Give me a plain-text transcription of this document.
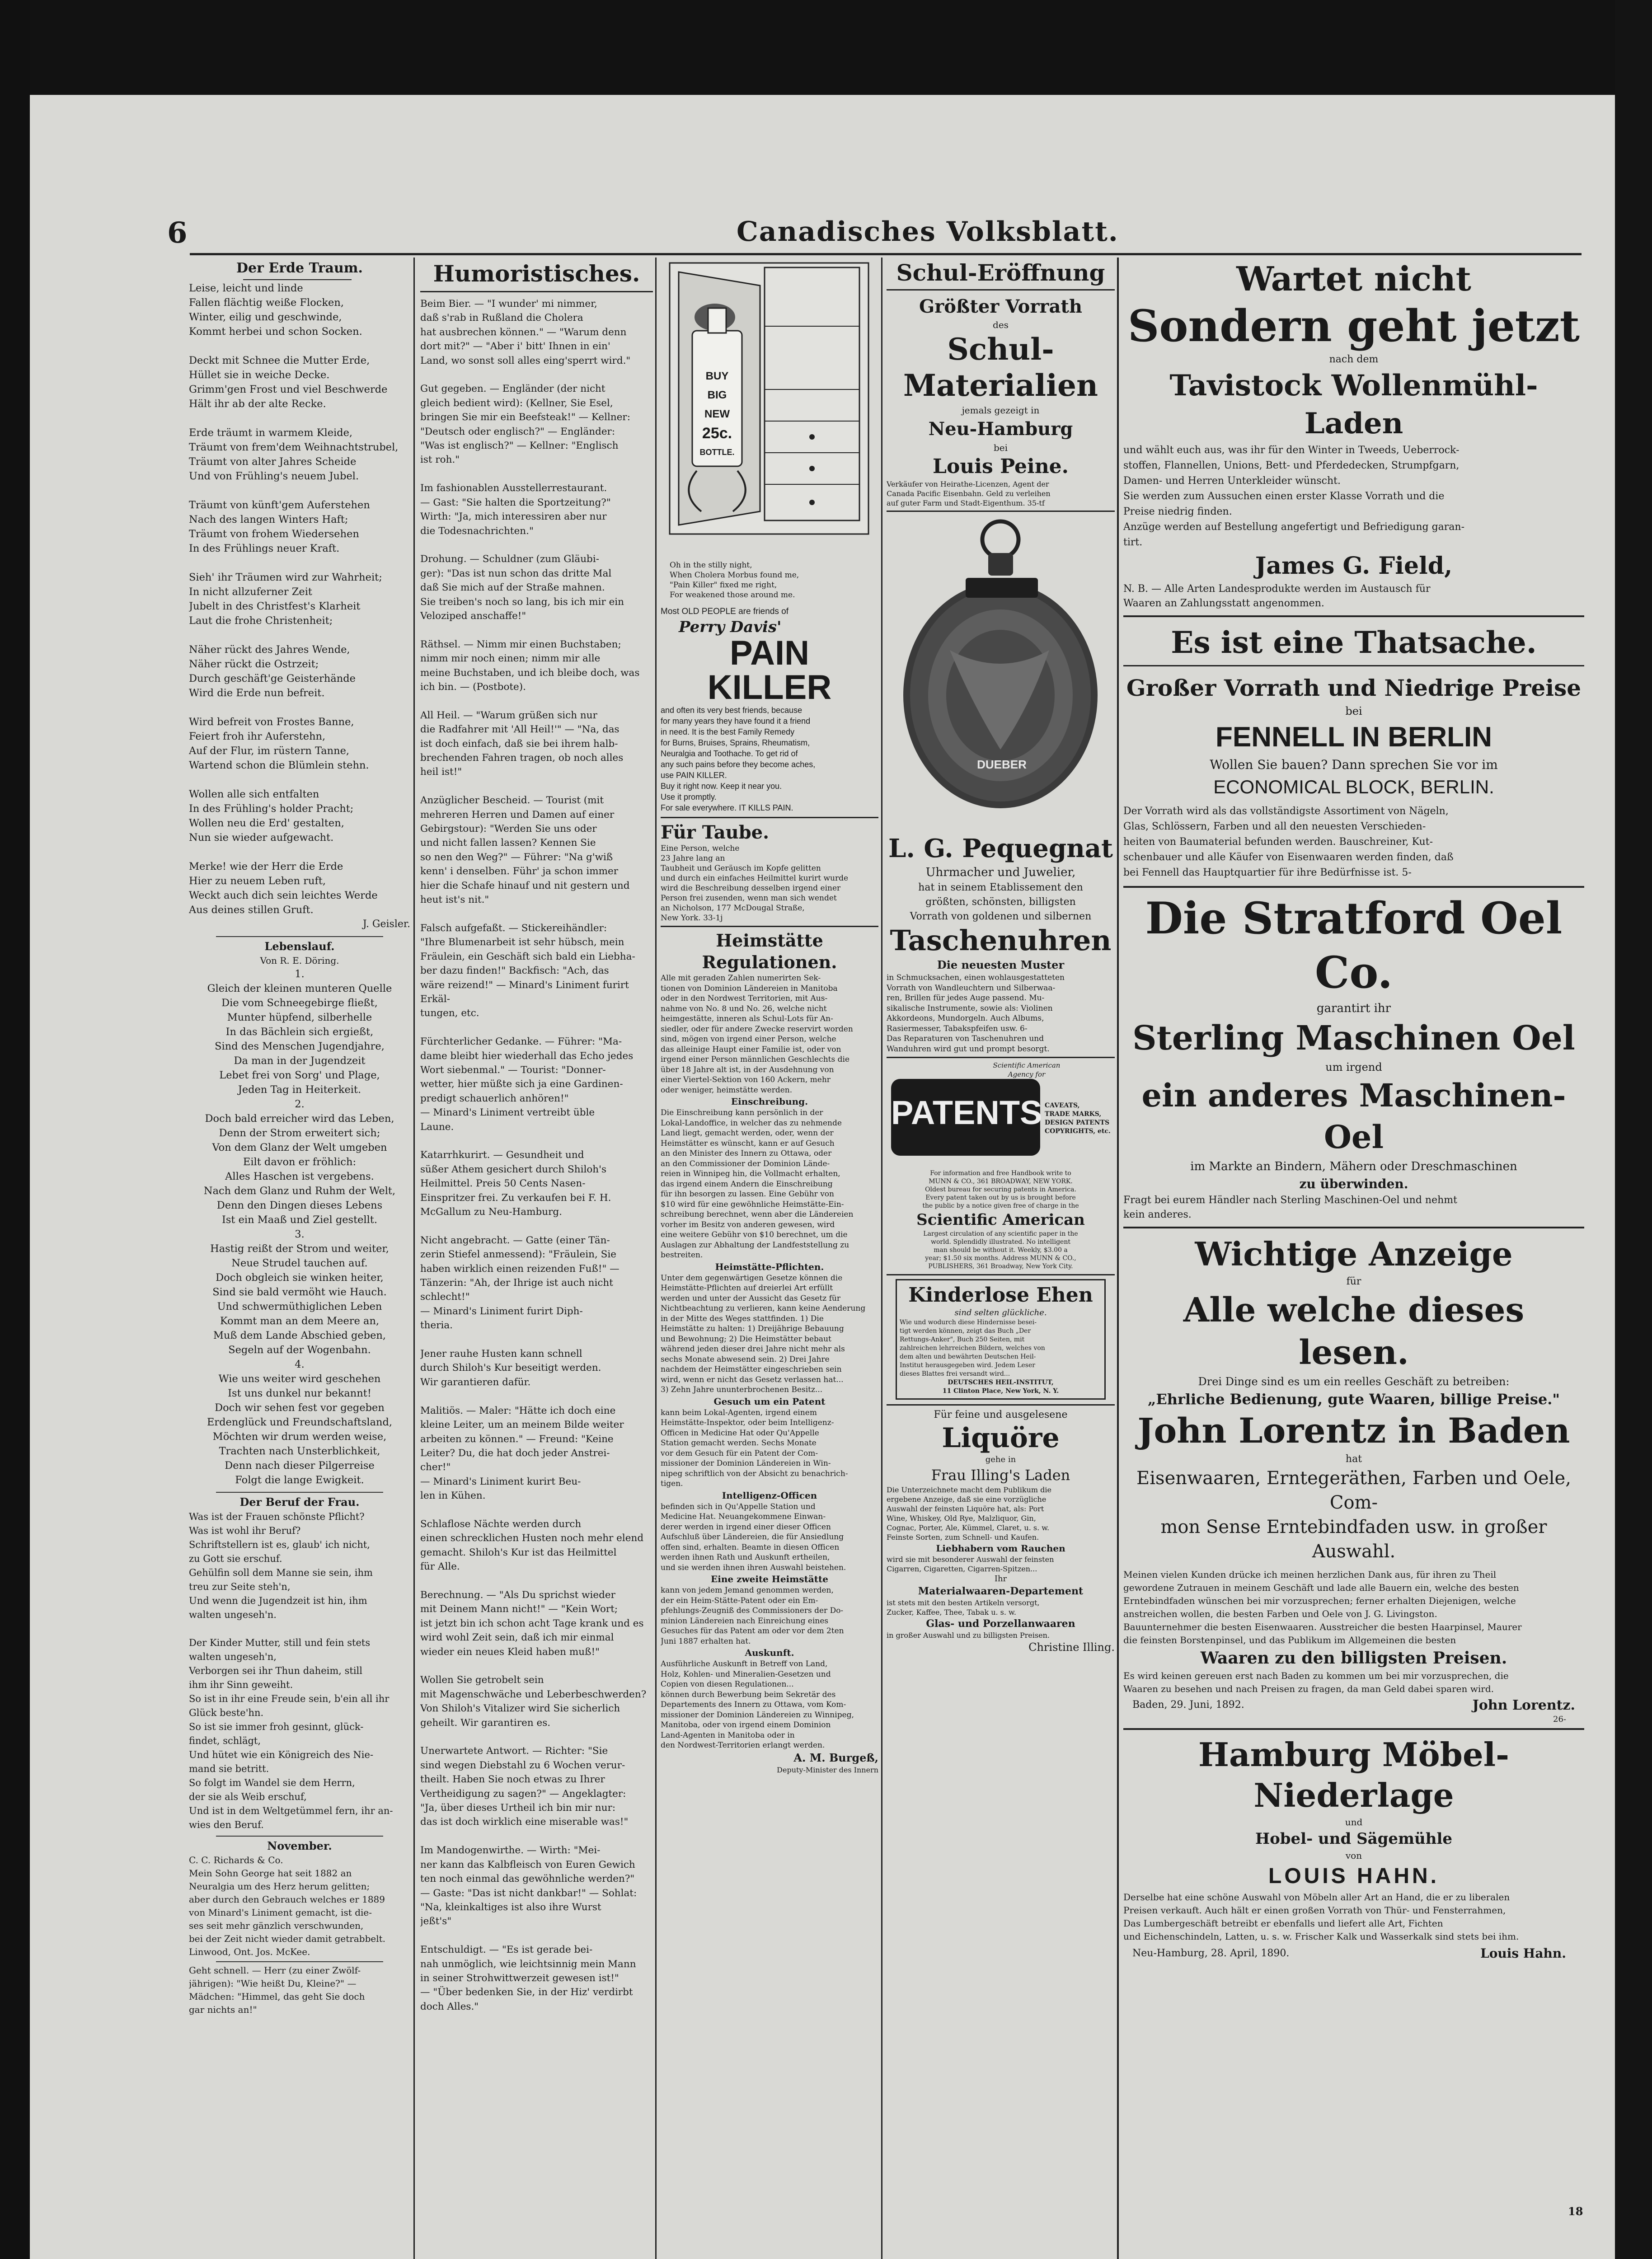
6	Canadisches Volksblatt.
Der Erde Traum.
Leise, leicht und linde
Fallen flächtig weiße Flocken,
Winter, eilig und geschwinde,
Kommt herbei und schon Socken.

Deckt mit Schnee die Mutter Erde,
Hüllet sie in weiche Decke.
Grimm'gen Frost und viel Beschwerde
Hält ihr ab der alte Recke.

Erde träumt in warmem Kleide,
Träumt von frem'dem Weihnachtstrubel,
Träumt von alter Jahres Scheide
Und von Frühling's neuem Jubel.

Träumt von künft'gem Auferstehen
Nach des langen Winters Haft;
Träumt von frohem Wiedersehen
In des Frühlings neuer Kraft.

Sieh' ihr Träumen wird zur Wahrheit;
In nicht allzuferner Zeit
Jubelt in des Christfest's Klarheit
Laut die frohe Christenheit;

Näher rückt des Jahres Wende,
Näher rückt die Ostrzeit;
Durch geschäft'ge Geisterhände
Wird die Erde nun befreit.

Wird befreit von Frostes Banne,
Feiert froh ihr Auferstehn,
Auf der Flur, im rüstern Tanne,
Wartend schon die Blümlein stehn.

Wollen alle sich entfalten
In des Frühling's holder Pracht;
Wollen neu die Erd' gestalten,
Nun sie wieder aufgewacht.

Merke! wie der Herr die Erde
Hier zu neuem Leben ruft,
Weckt auch dich sein leichtes Werde
Aus deines stillen Gruft.
J. Geisler.
Lebenslauf.
Von R. E. Döring.
1.
Gleich der kleinen munteren Quelle
Die vom Schneegebirge fließt,
Munter hüpfend, silberhelle
In das Bächlein sich ergießt,
Sind des Menschen Jugendjahre,
Da man in der Jugendzeit
Lebet frei von Sorg' und Plage,
Jeden Tag in Heiterkeit.
2.
Doch bald erreicher wird das Leben,
Denn der Strom erweitert sich;
Von dem Glanz der Welt umgeben
Eilt davon er fröhlich:
Alles Haschen ist vergebens.
Nach dem Glanz und Ruhm der Welt,
Denn den Dingen dieses Lebens
Ist ein Maaß und Ziel gestellt.
3.
Hastig reißt der Strom und weiter,
Neue Strudel tauchen auf.
Doch obgleich sie winken heiter,
Sind sie bald vermöht wie Hauch.
Und schwermüthiglichen Leben
Kommt man an dem Meere an,
Muß dem Lande Abschied geben,
Segeln auf der Wogenbahn.
4.
Wie uns weiter wird geschehen
Ist uns dunkel nur bekannt!
Doch wir sehen fest vor gegeben
Erdenglück und Freundschaftsland,
Möchten wir drum werden weise,
Trachten nach Unsterblichkeit,
Denn nach dieser Pilgerreise
Folgt die lange Ewigkeit.
Der Beruf der Frau.
Was ist der Frauen schönste Pflicht?
Was ist wohl ihr Beruf?
Schriftstellern ist es, glaub' ich nicht,
zu Gott sie erschuf.
Gehülfin soll dem Manne sie sein, ihm
treu zur Seite steh'n,
Und wenn die Jugendzeit ist hin, ihm
walten ungeseh'n.

Der Kinder Mutter, still und fein stets
walten ungeseh'n,
Verborgen sei ihr Thun daheim, still
ihm ihr Sinn geweiht.
So ist in ihr eine Freude sein, b'ein all ihr
Glück beste'hn.
So ist sie immer froh gesinnt, glück-
findet, schlägt,
Und hütet wie ein Königreich des Nie-
mand sie betritt.
So folgt im Wandel sie dem Herrn,
der sie als Weib erschuf,
Und ist in dem Weltgetümmel fern, ihr an-
wies den Beruf.
November.
C. C. Richards & Co.
Mein Sohn George hat seit 1882 an
Neuralgia um des Herz herum gelitten;
aber durch den Gebrauch welches er 1889
von Minard's Liniment gemacht, ist die-
ses seit mehr gänzlich verschwunden,
bei der Zeit nicht wieder damit getrabbelt.
Linwood, Ont. Jos. McKee.
Geht schnell. — Herr (zu einer Zwölf-
jährigen): "Wie heißt Du, Kleine?" —
Mädchen: "Himmel, das geht Sie doch
gar nichts an!"
Humoristisches.
Beim Bier. — "I wunder' mi nimmer,
daß s'rab in Rußland die Cholera
hat ausbrechen können." — "Warum denn
dort mit?" — "Aber i' bitt' Ihnen in ein'
Land, wo sonst soll alles eing'sperrt wird."

Gut gegeben. — Engländer (der nicht
gleich bedient wird): (Kellner, Sie Esel,
bringen Sie mir ein Beefsteak!" — Kellner:
"Deutsch oder englisch?" — Engländer:
"Was ist englisch?" — Kellner: "Englisch
ist roh."

Im fashionablen Ausstellerrestaurant.
— Gast: "Sie halten die Sportzeitung?"
Wirth: "Ja, mich interessiren aber nur
die Todesnachrichten."

Drohung. — Schuldner (zum Gläubi-
ger): "Das ist nun schon das dritte Mal
daß Sie mich auf der Straße mahnen.
Sie treiben's noch so lang, bis ich mir ein
Veloziped anschaffe!"

Räthsel. — Nimm mir einen Buchstaben;
nimm mir noch einen; nimm mir alle
meine Buchstaben, und ich bleibe doch, was
ich bin. — (Postbote).

All Heil. — "Warum grüßen sich nur
die Radfahrer mit 'All Heil!'" — "Na, das
ist doch einfach, daß sie bei ihrem halb-
brechenden Fahren tragen, ob noch alles
heil ist!"

Anzüglicher Bescheid. — Tourist (mit
mehreren Herren und Damen auf einer
Gebirgstour): "Werden Sie uns oder
und nicht fallen lassen? Kennen Sie
so nen den Weg?" — Führer: "Na g'wiß
kenn' i denselben. Führ' ja schon immer
hier die Schafe hinauf und nit gestern und
heut ist's nit."

Falsch aufgefaßt. — Stickereihändler:
"Ihre Blumenarbeit ist sehr hübsch, mein
Fräulein, ein Geschäft sich bald ein Liebha-
ber dazu finden!" Backfisch: "Ach, das
wäre reizend!" — Minard's Liniment furirt Erkäl-
tungen, etc.

Fürchterlicher Gedanke. — Führer: "Ma-
dame bleibt hier wiederhall das Echo jedes
Wort siebenmal." — Tourist: "Donner-
wetter, hier müßte sich ja eine Gardinen-
predigt schauerlich anhören!"
— Minard's Liniment vertreibt üble
Laune.

Katarrhkurirt. — Gesundheit und
süßer Athem gesichert durch Shiloh's
Heilmittel. Preis 50 Cents Nasen-
Einspritzer frei. Zu verkaufen bei F. H.
McGallum zu Neu-Hamburg.

Nicht angebracht. — Gatte (einer Tän-
zerin Stiefel anmessend): "Fräulein, Sie
haben wirklich einen reizenden Fuß!" —
Tänzerin: "Ah, der Ihrige ist auch nicht
schlecht!"
— Minard's Liniment furirt Diph-
theria.

Jener rauhe Husten kann schnell
durch Shiloh's Kur beseitigt werden.
Wir garantieren dafür.

Malitiös. — Maler: "Hätte ich doch eine
kleine Leiter, um an meinem Bilde weiter
arbeiten zu können." — Freund: "Keine
Leiter? Du, die hat doch jeder Anstrei-
cher!"
— Minard's Liniment kurirt Beu-
len in Kühen.

Schlaflose Nächte werden durch
einen schrecklichen Husten noch mehr elend
gemacht. Shiloh's Kur ist das Heilmittel
für Alle.

Berechnung. — "Als Du sprichst wieder
mit Deinem Mann nicht!" — "Kein Wort;
ist jetzt bin ich schon acht Tage krank und es
wird wohl Zeit sein, daß ich mir einmal
wieder ein neues Kleid haben muß!"

Wollen Sie getrobelt sein
mit Magenschwäche und Leberbeschwerden?
Von Shiloh's Vitalizer wird Sie sicherlich
geheilt. Wir garantiren es.

Unerwartete Antwort. — Richter: "Sie
sind wegen Diebstahl zu 6 Wochen verur-
theilt. Haben Sie noch etwas zu Ihrer
Vertheidigung zu sagen?" — Angeklagter:
"Ja, über dieses Urtheil ich bin mir nur:
das ist doch wirklich eine miserable was!"

Im Mandogenwirthe. — Wirth: "Mei-
ner kann das Kalbfleisch von Euren Gewich
ten noch einmal das gewöhnliche werden?"
— Gaste: "Das ist nicht dankbar!" — Sohlat:
"Na, kleinkaltiges ist also ihre Wurst
jeßt's"

Entschuldigt. — "Es ist gerade bei-
nah unmöglich, wie leichtsinnig mein Mann
in seiner Strohwittwerzeit gewesen ist!"
— "Über bedenken Sie, in der Hiz' verdirbt
doch Alles."
BUY
BIG
NEW
25c.
BOTTLE.
Oh in the stilly night,
When Cholera Morbus found me,
"Pain Killer" fixed me right,
For weakened those around me.
Most OLD PEOPLE are friends of
Perry Davis'
PAIN
KILLER
and often its very best friends, because
for many years they have found it a friend
in need. It is the best Family Remedy
for Burns, Bruises, Sprains, Rheumatism,
Neuralgia and Toothache. To get rid of
any such pains before they become aches,
use PAIN KILLER.
Buy it right now. Keep it near you.
Use it promptly.
For sale everywhere. IT KILLS PAIN.
Für Taube.
Eine Person, welche
23 Jahre lang an
Taubheit und Geräusch im Kopfe gelitten
und durch ein einfaches Heilmittel kurirt wurde
wird die Beschreibung desselben irgend einer
Person frei zusenden, wenn man sich wendet
an Nicholson, 177 McDougal Straße,
New York. 33-1j
Heimstätte Regulationen.
Alle mit geraden Zahlen numerirten Sek-
tionen von Dominion Ländereien in Manitoba
oder in den Nordwest Territorien, mit Aus-
nahme von No. 8 und No. 26, welche nicht
heimgestätte, inneren als Schul-Lots für An-
siedler, oder für andere Zwecke reservirt worden
sind, mögen von irgend einer Person, welche
das alleinige Haupt einer Familie ist, oder von
irgend einer Person männlichen Geschlechts die
über 18 Jahre alt ist, in der Ausdehnung von
einer Viertel-Sektion von 160 Ackern, mehr
oder weniger, heimstätte werden.
Einschreibung.
Die Einschreibung kann persönlich in der
Lokal-Landoffice, in welcher das zu nehmende
Land liegt, gemacht werden, oder, wenn der
Heimstätter es wünscht, kann er auf Gesuch
an den Minister des Innern zu Ottawa, oder
an den Commissioner der Dominion Lände-
reien in Winnipeg hin, die Vollmacht erhalten,
das irgend einem Andern die Einschreibung
für ihn besorgen zu lassen. Eine Gebühr von
$10 wird für eine gewöhnliche Heimstätte-Ein-
schreibung berechnet, wenn aber die Ländereien
vorher im Besitz von anderen gewesen, wird
eine weitere Gebühr von $10 berechnet, um die
Auslagen zur Abhaltung der Landfeststellung zu
bestreiten.
Heimstätte-Pflichten.
Unter dem gegenwärtigen Gesetze können die
Heimstätte-Pflichten auf dreierlei Art erfüllt
werden und unter der Aussicht das Gesetz für
Nichtbeachtung zu verlieren, kann keine Aenderung
in der Mitte des Weges stattfinden. 1) Die
Heimstätte zu halten: 1) Dreijährige Bebauung
und Bewohnung; 2) Die Heimstätter bebaut
während jeden dieser drei Jahre nicht mehr als
sechs Monate abwesend sein. 2) Drei Jahre
nachdem der Heimstätter eingeschrieben sein
wird, wenn er nicht das Gesetz verlassen hat...
3) Zehn Jahre ununterbrochenen Besitz...
Gesuch um ein Patent
kann beim Lokal-Agenten, irgend einem
Heimstätte-Inspektor, oder beim Intelligenz-
Officen in Medicine Hat oder Qu'Appelle
Station gemacht werden. Sechs Monate
vor dem Gesuch für ein Patent der Com-
missioner der Dominion Ländereien in Win-
nipeg schriftlich von der Absicht zu benachrich-
tigen.
Intelligenz-Officen
befinden sich in Qu'Appelle Station und
Medicine Hat. Neuangekommene Einwan-
derer werden in irgend einer dieser Officen
Aufschluß über Ländereien, die für Ansiedlung
offen sind, erhalten. Beamte in diesen Officen
werden ihnen Rath und Auskunft ertheilen,
und sie werden ihnen ihren Auswahl beistehen.
Eine zweite Heimstätte
kann von jedem Jemand genommen werden,
der ein Heim-Stätte-Patent oder ein Em-
pfehlungs-Zeugniß des Commissioners der Do-
minion Ländereien nach Einreichung eines
Gesuches für das Patent am oder vor dem 2ten
Juni 1887 erhalten hat.
Auskunft.
Ausführliche Auskunft in Betreff von Land,
Holz, Kohlen- und Mineralien-Gesetzen und
Copien von diesen Regulationen...
können durch Bewerbung beim Sekretär des
Departements des Innern zu Ottawa, vom Kom-
missioner der Dominion Ländereien zu Winnipeg,
Manitoba, oder von irgend einem Dominion
Land-Agenten in Manitoba oder in
den Nordwest-Territorien erlangt werden.
A. M. Burgeß,
Deputy-Minister des Innern
Schul-Eröffnung
Größter Vorrath
des
Schul-
Materialien
jemals gezeigt in
Neu-Hamburg
bei
Louis Peine.
Verkäufer von Heirathe-Licenzen, Agent der
Canada Pacific Eisenbahn. Geld zu verleihen
auf guter Farm und Stadt-Eigenthum. 35-tf
DUEBER
L. G. Pequegnat
Uhrmacher und Juwelier,
hat in seinem Etablissement den
größten, schönsten, billigsten
Vorrath von goldenen und silbernen
Taschenuhren
Die neuesten Muster
in Schmucksachen, einen wohlausgestatteten
Vorrath von Wandleuchtern und Silberwaa-
ren, Brillen für jedes Auge passend. Mu-
sikalische Instrumente, sowie als: Violinen
Akkordeons, Mundorgeln. Auch Albums,
Rasiermesser, Tabakspfeifen usw. 6-
Das Reparaturen von Taschenuhren und
Wanduhren wird gut und prompt besorgt.
Scientific American
Agency for
PATENTS CAVEATS,
TRADE MARKS,
DESIGN PATENTS
COPYRIGHTS, etc.
For information and free Handbook write to
MUNN & CO., 361 BROADWAY, NEW YORK.
Oldest bureau for securing patents in America.
Every patent taken out by us is brought before
the public by a notice given free of charge in the
Scientific American
Largest circulation of any scientific paper in the
world. Splendidly illustrated. No intelligent
man should be without it. Weekly, $3.00 a
year; $1.50 six months. Address MUNN & CO.,
PUBLISHERS, 361 Broadway, New York City.
Kinderlose Ehen
sind selten glückliche.
Wie und wodurch diese Hindernisse besei-
tigt werden können, zeigt das Buch „Der
Rettungs-Anker", Buch 250 Seiten, mit
zahlreichen lehrreichen Bildern, welches von
dem alten und bewährten Deutschen Heil-
Institut herausgegeben wird. Jedem Leser
dieses Blattes frei versandt wird...
DEUTSCHES HEIL-INSTITUT,
11 Clinton Place, New York, N. Y.
Für feine und ausgelesene
Liquöre
gehe in
Frau Illing's Laden
Die Unterzeichnete macht dem Publikum die
ergebene Anzeige, daß sie eine vorzügliche
Auswahl der feinsten Liquöre hat, als: Port
Wine, Whiskey, Old Rye, Malzliquor, Gin,
Cognac, Porter, Ale, Kümmel, Claret, u. s. w.
Feinste Sorten, zum Schnell- und Kaufen.
Liebhabern vom Rauchen
wird sie mit besonderer Auswahl der feinsten
Cigarren, Cigaretten, Cigarren-Spitzen...
Ihr
Materialwaaren-Departement
ist stets mit den besten Artikeln versorgt,
Zucker, Kaffee, Thee, Tabak u. s. w.
Glas- und Porzellanwaaren
in großer Auswahl und zu billigsten Preisen.
Christine Illing.
Wartet nicht
Sondern geht jetzt
nach dem
Tavistock Wollenmühl-Laden
und wählt euch aus, was ihr für den Winter in Tweeds, Ueberrock-
stoffen, Flannellen, Unions, Bett- und Pferdedecken, Strumpfgarn,
Damen- und Herren Unterkleider wünscht.
Sie werden zum Aussuchen einen erster Klasse Vorrath und die
Preise niedrig finden.
Anzüge werden auf Bestellung angefertigt und Befriedigung garan-
tirt.
James G. Field,
N. B. — Alle Arten Landesprodukte werden im Austausch für
Waaren an Zahlungsstatt angenommen.
Es ist eine Thatsache.
Großer Vorrath und Niedrige Preise
bei
FENNELL IN BERLIN
Wollen Sie bauen? Dann sprechen Sie vor im
ECONOMICAL BLOCK, BERLIN.
Der Vorrath wird als das vollständigste Assortiment von Nägeln,
Glas, Schlössern, Farben und all den neuesten Verschieden-
heiten von Baumaterial befunden werden. Bauschreiner, Kut-
schenbauer und alle Käufer von Eisenwaaren werden finden, daß
bei Fennell das Hauptquartier für ihre Bedürfnisse ist. 5-
Die Stratford Oel Co.
garantirt ihr
Sterling Maschinen Oel
um irgend
ein anderes Maschinen-Oel
im Markte an Bindern, Mähern oder Dreschmaschinen
zu überwinden.
Fragt bei eurem Händler nach Sterling Maschinen-Oel und nehmt
kein anderes.
Wichtige Anzeige
für
Alle welche dieses lesen.
Drei Dinge sind es um ein reelles Geschäft zu betreiben:
„Ehrliche Bedienung, gute Waaren, billige Preise."
John Lorentz in Baden
hat
Eisenwaaren, Erntegeräthen, Farben und Oele, Com-
mon Sense Erntebindfaden usw. in großer
Auswahl.
Meinen vielen Kunden drücke ich meinen herzlichen Dank aus, für ihren zu Theil
gewordene Zutrauen in meinem Geschäft und lade alle Bauern ein, welche des besten
Erntebindfaden wünschen bei mir vorzusprechen; ferner erhalten Diejenigen, welche
anstreichen wollen, die besten Farben und Oele von J. G. Livingston.
Bauunternehmer die besten Eisenwaaren. Ausstreicher die besten Haarpinsel, Maurer
die feinsten Borstenpinsel, und das Publikum im Allgemeinen die besten
Waaren zu den billigsten Preisen.
Es wird keinen gereuen erst nach Baden zu kommen um bei mir vorzusprechen, die
Waaren zu besehen und nach Preisen zu fragen, da man Geld dabei sparen wird.
Baden, 29. Juni, 1892.	John Lorentz.
26-
Hamburg Möbel-Niederlage
und
Hobel- und Sägemühle
von
LOUIS HAHN.
Derselbe hat eine schöne Auswahl von Möbeln aller Art an Hand, die er zu liberalen
Preisen verkauft. Auch hält er einen großen Vorrath von Thür- und Fensterrahmen,
Das Lumbergeschäft betreibt er ebenfalls und liefert alle Art, Fichten
und Eichenschindeln, Latten, u. s. w. Frischer Kalk und Wasserkalk sind stets bei ihm.
Neu-Hamburg, 28. April, 1890.	Louis Hahn.
18
